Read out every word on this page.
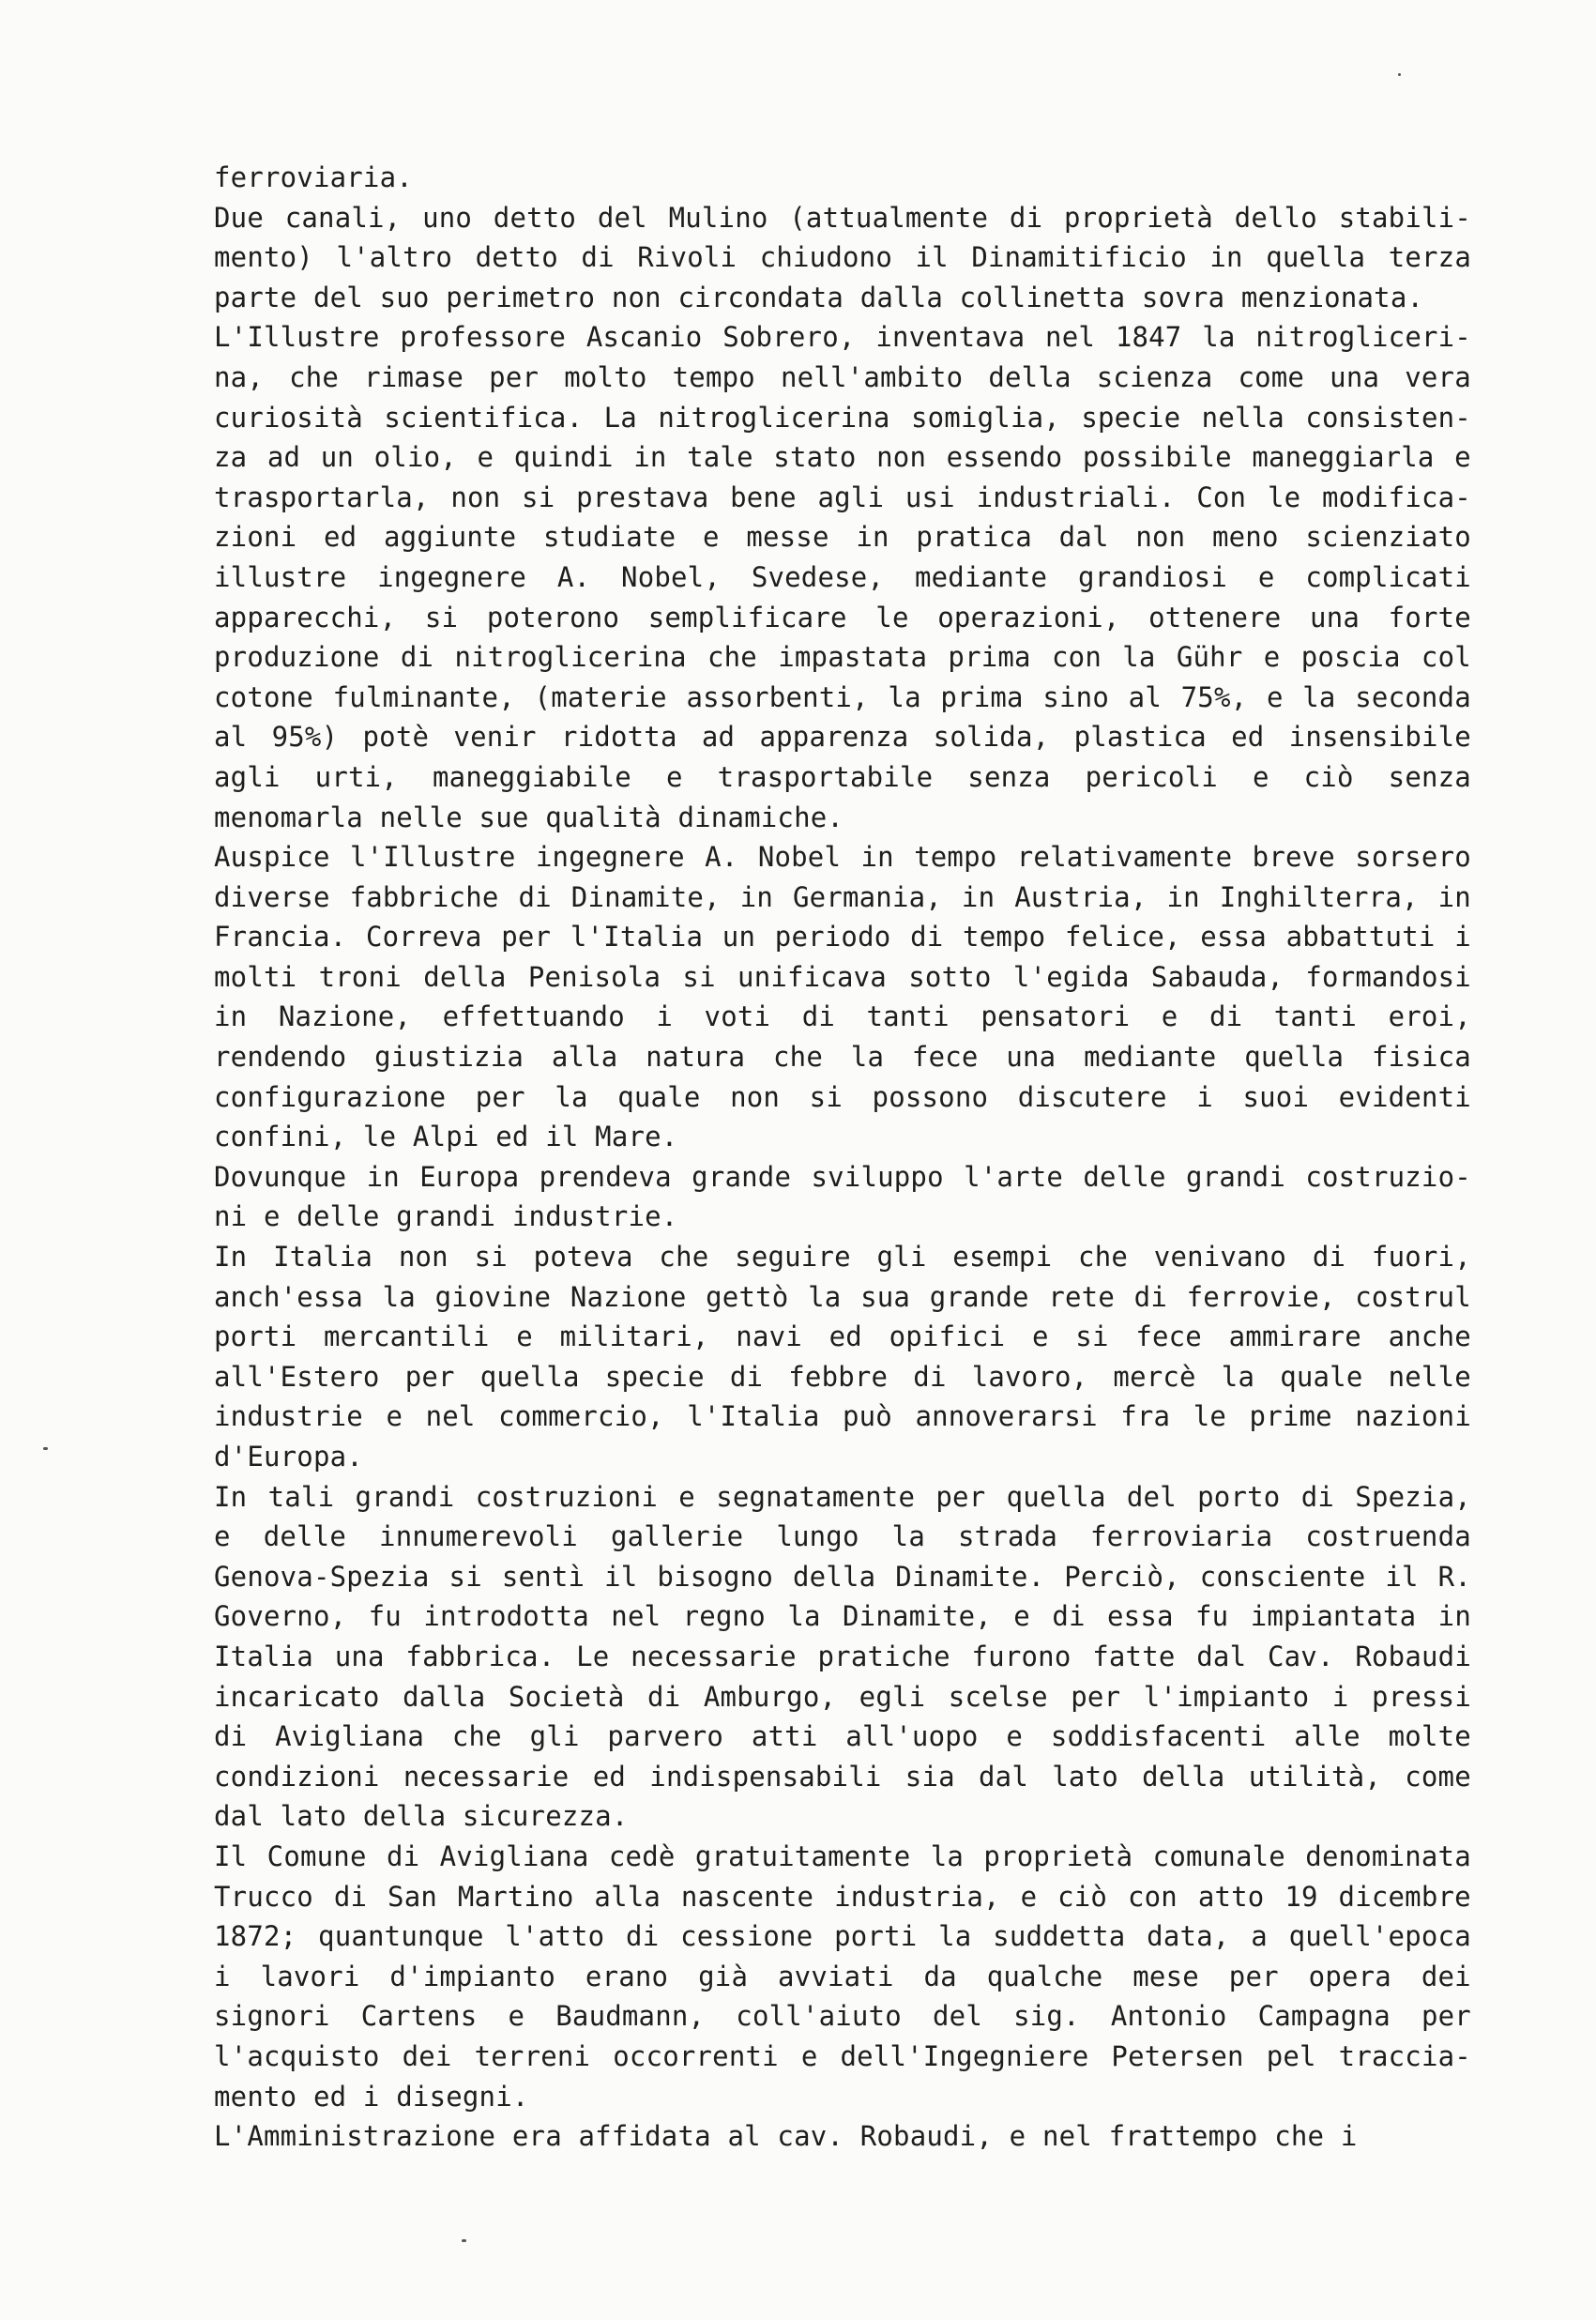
ferroviaria.
Due canali, uno detto del Mulino (attualmente di proprietà dello stabili-
mento) l'altro detto di Rivoli chiudono il Dinamitificio in quella terza
parte del suo perimetro non circondata dalla collinetta sovra menzionata.
L'Illustre professore Ascanio Sobrero, inventava nel 1847 la nitrogliceri-
na, che rimase per molto tempo nell'ambito della scienza come una vera
curiosità scientifica. La nitroglicerina somiglia, specie nella consisten-
za ad un olio, e quindi in tale stato non essendo possibile maneggiarla e
trasportarla, non si prestava bene agli usi industriali. Con le modifica-
zioni ed aggiunte studiate e messe in pratica dal non meno scienziato
illustre ingegnere A. Nobel, Svedese, mediante grandiosi e complicati
apparecchi, si poterono semplificare le operazioni, ottenere una forte
produzione di nitroglicerina che impastata prima con la Gühr e poscia col
cotone fulminante, (materie assorbenti, la prima sino al 75%, e la seconda
al 95%) potè venir ridotta ad apparenza solida, plastica ed insensibile
agli urti, maneggiabile e trasportabile senza pericoli e ciò senza
menomarla nelle sue qualità dinamiche.
Auspice l'Illustre ingegnere A. Nobel in tempo relativamente breve sorsero
diverse fabbriche di Dinamite, in Germania, in Austria, in Inghilterra, in
Francia. Correva per l'Italia un periodo di tempo felice, essa abbattuti i
molti troni della Penisola si unificava sotto l'egida Sabauda, formandosi
in Nazione, effettuando i voti di tanti pensatori e di tanti eroi,
rendendo giustizia alla natura che la fece una mediante quella fisica
configurazione per la quale non si possono discutere i suoi evidenti
confini, le Alpi ed il Mare.
Dovunque in Europa prendeva grande sviluppo l'arte delle grandi costruzio-
ni e delle grandi industrie.
In Italia non si poteva che seguire gli esempi che venivano di fuori,
anch'essa la giovine Nazione gettò la sua grande rete di ferrovie, costrul
porti mercantili e militari, navi ed opifici e si fece ammirare anche
all'Estero per quella specie di febbre di lavoro, mercè la quale nelle
industrie e nel commercio, l'Italia può annoverarsi fra le prime nazioni
d'Europa.
In tali grandi costruzioni e segnatamente per quella del porto di Spezia,
e delle innumerevoli gallerie lungo la strada ferroviaria costruenda
Genova-Spezia si sentì il bisogno della Dinamite. Perciò, consciente il R.
Governo, fu introdotta nel regno la Dinamite, e di essa fu impiantata in
Italia una fabbrica. Le necessarie pratiche furono fatte dal Cav. Robaudi
incaricato dalla Società di Amburgo, egli scelse per l'impianto i pressi
di Avigliana che gli parvero atti all'uopo e soddisfacenti alle molte
condizioni necessarie ed indispensabili sia dal lato della utilità, come
dal lato della sicurezza.
Il Comune di Avigliana cedè gratuitamente la proprietà comunale denominata
Trucco di San Martino alla nascente industria, e ciò con atto 19 dicembre
1872; quantunque l'atto di cessione porti la suddetta data, a quell'epoca
i lavori d'impianto erano già avviati da qualche mese per opera dei
signori Cartens e Baudmann, coll'aiuto del sig. Antonio Campagna per
l'acquisto dei terreni occorrenti e dell'Ingegniere Petersen pel traccia-
mento ed i disegni.
L'Amministrazione era affidata al cav. Robaudi, e nel frattempo che i
